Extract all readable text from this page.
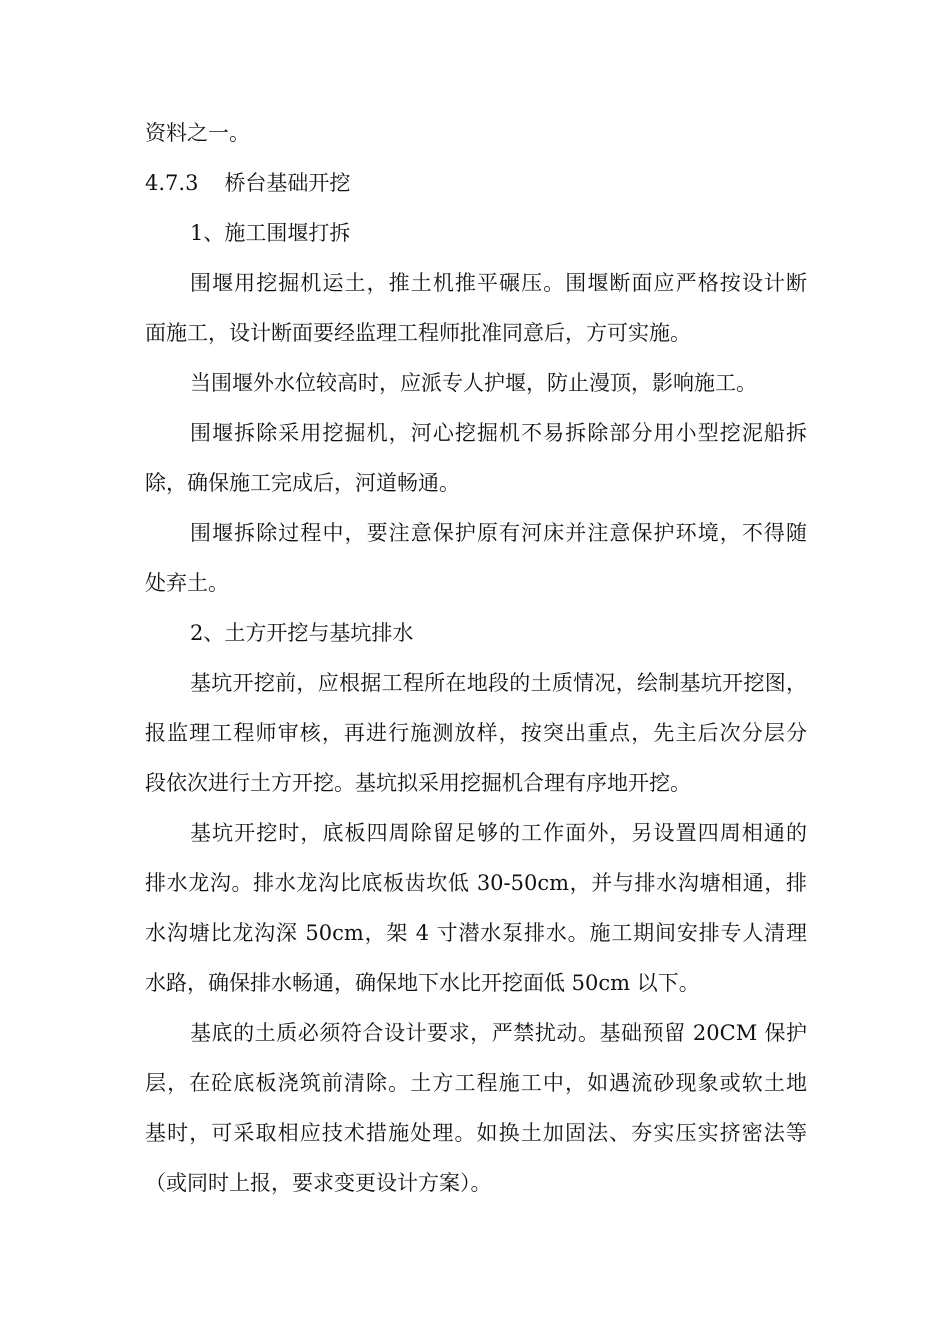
资料之一。
4.7.3 桥台基础开挖
1、施工围堰打拆
围堰用挖掘机运土，推土机推平碾压。围堰断面应严格按设计断
面施工，设计断面要经监理工程师批准同意后，方可实施。
当围堰外水位较高时，应派专人护堰，防止漫顶，影响施工。
围堰拆除采用挖掘机，河心挖掘机不易拆除部分用小型挖泥船拆
除，确保施工完成后，河道畅通。
围堰拆除过程中，要注意保护原有河床并注意保护环境，不得随
处弃土。
2、土方开挖与基坑排水
基坑开挖前，应根据工程所在地段的土质情况，绘制基坑开挖图，
报监理工程师审核，再进行施测放样，按突出重点，先主后次分层分
段依次进行土方开挖。基坑拟采用挖掘机合理有序地开挖。
基坑开挖时，底板四周除留足够的工作面外，另设置四周相通的
排水龙沟。排水龙沟比底板齿坎低 30-50cm，并与排水沟塘相通，排
水沟塘比龙沟深 50cm，架 4 寸潜水泵排水。施工期间安排专人清理
水路，确保排水畅通，确保地下水比开挖面低 50cm 以下。
基底的土质必须符合设计要求，严禁扰动。基础预留 20CM 保护
层，在砼底板浇筑前清除。土方工程施工中，如遇流砂现象或软土地
基时，可采取相应技术措施处理。如换土加固法、夯实压实挤密法等
（或同时上报，要求变更设计方案）。
